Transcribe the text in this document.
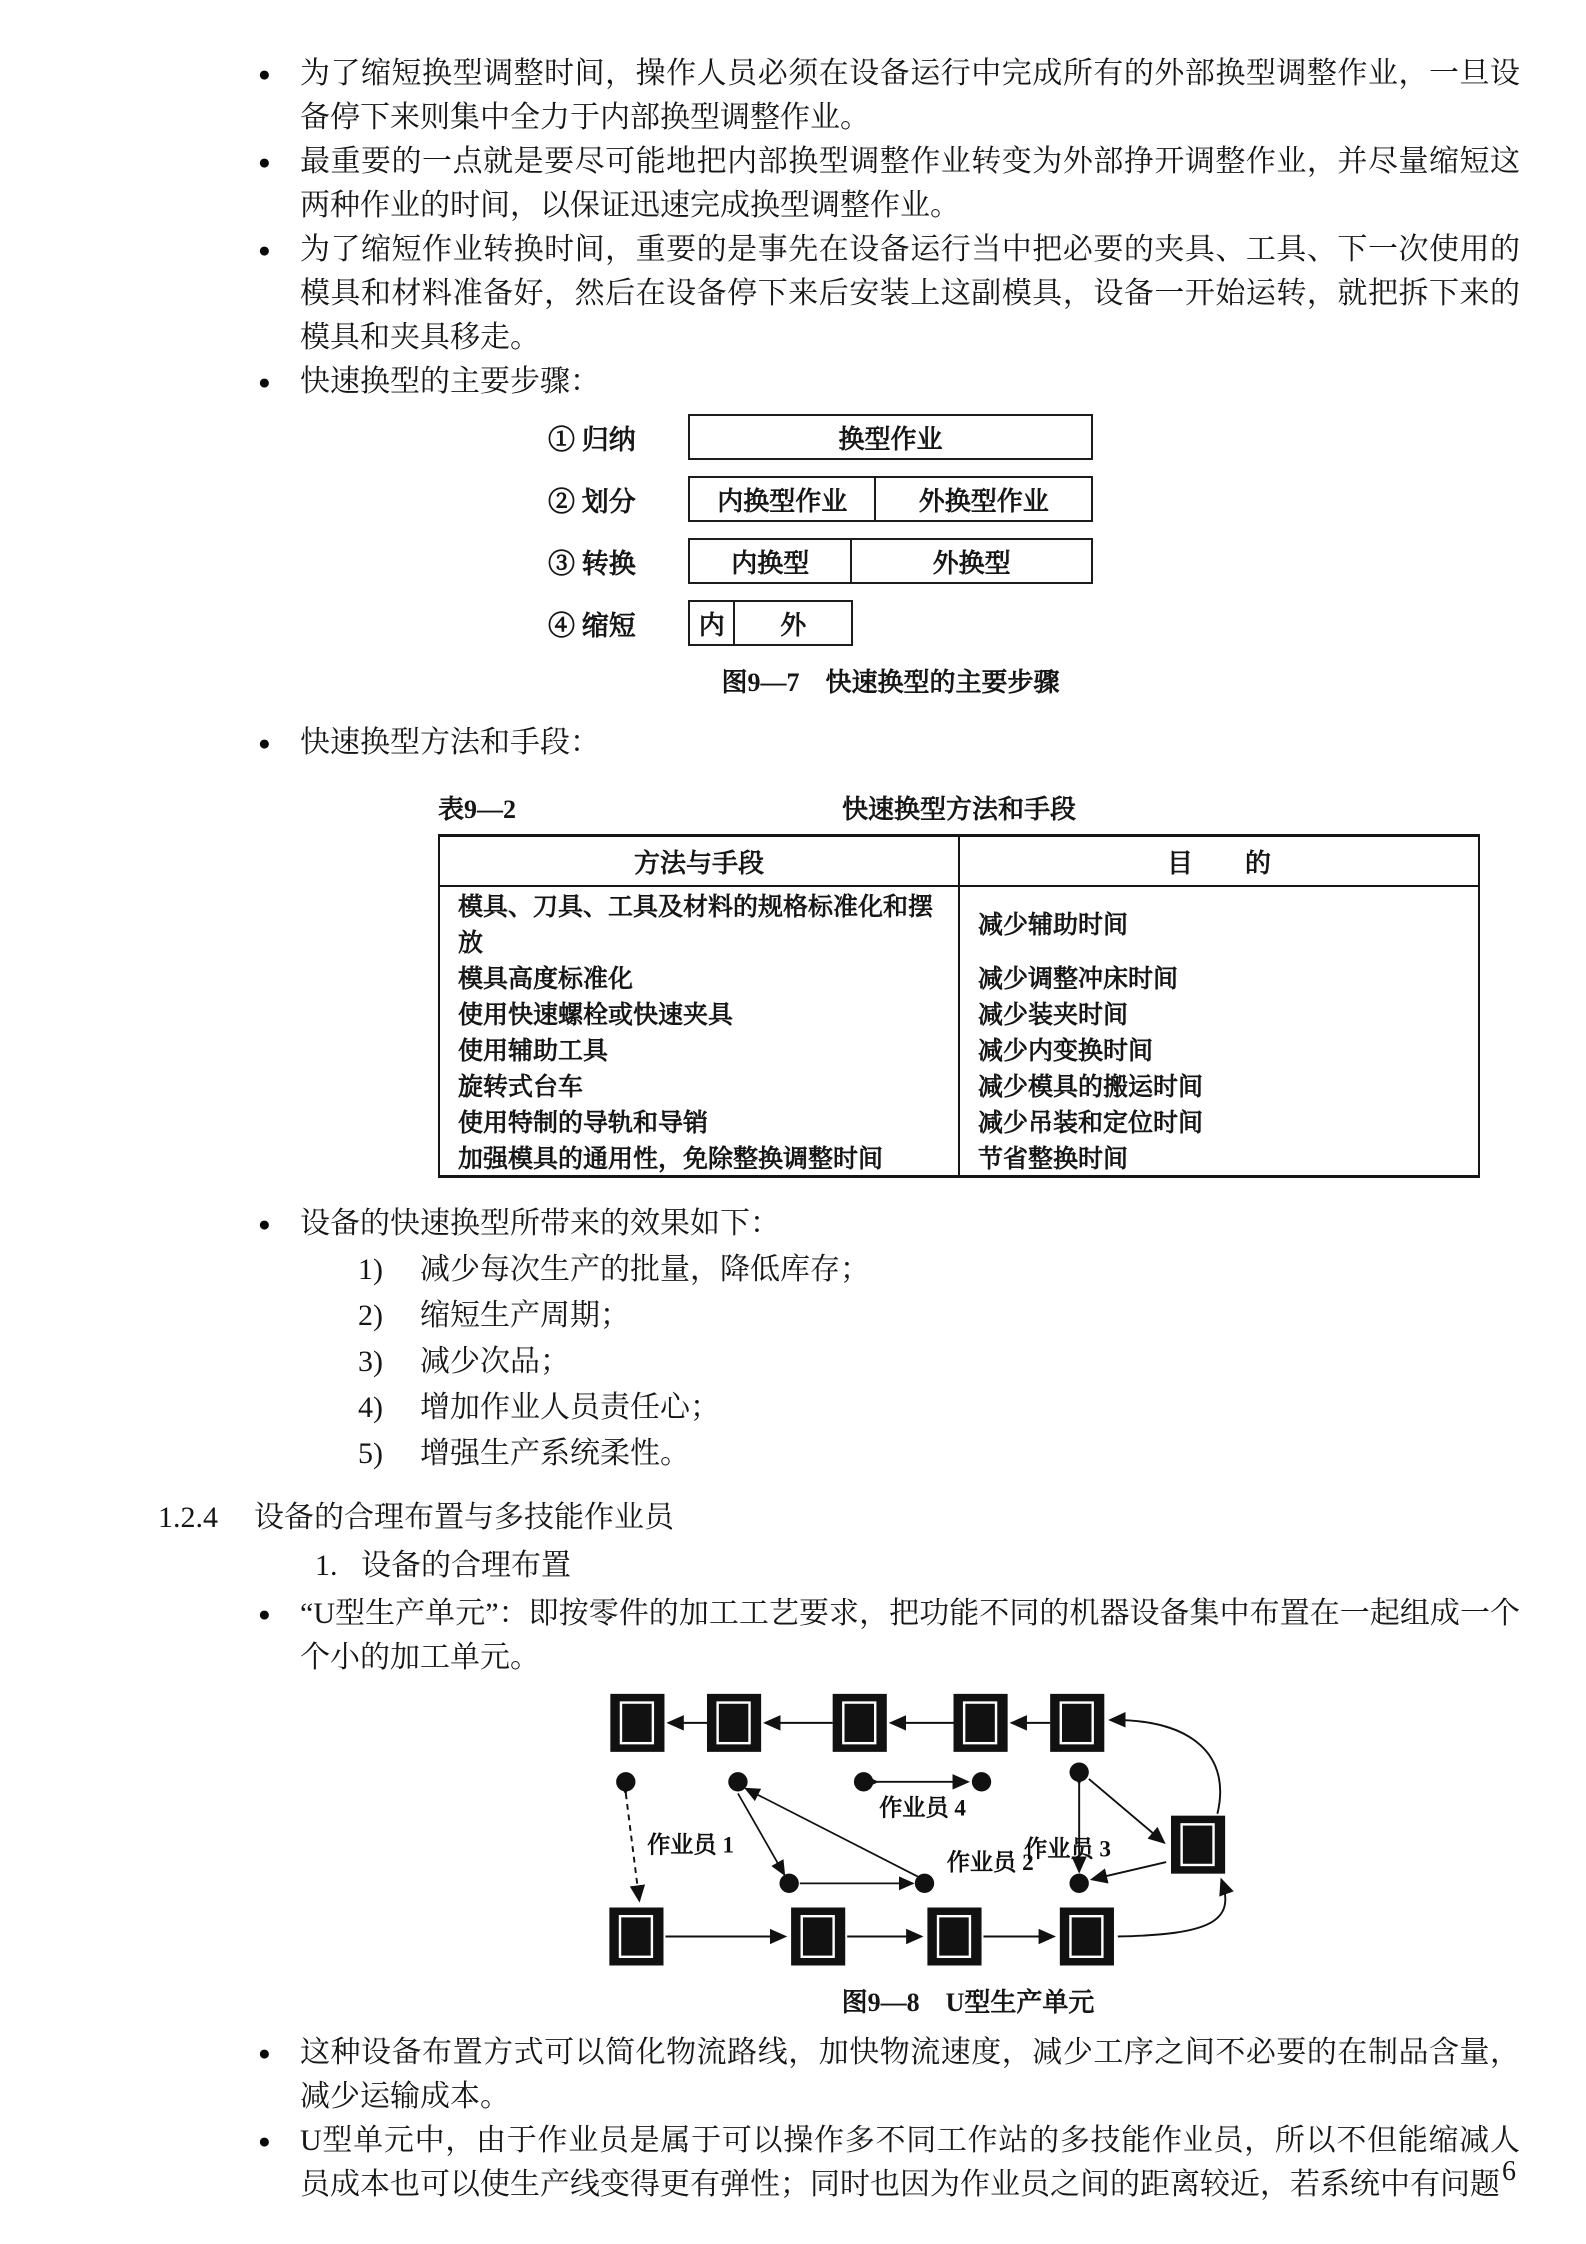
●
为了缩短换型调整时间，操作人员必须在设备运行中完成所有的外部换型调整作业，一旦设备停下来则集中全力于内部换型调整作业。
●
最重要的一点就是要尽可能地把内部换型调整作业转变为外部挣开调整作业，并尽量缩短这两种作业的时间，以保证迅速完成换型调整作业。
●
为了缩短作业转换时间，重要的是事先在设备运行当中把必要的夹具、工具、下一次使用的模具和材料准备好，然后在设备停下来后安装上这副模具，设备一开始运转，就把拆下来的模具和夹具移走。
●
快速换型的主要步骤：
① 归纳	换型作业
② 划分	内换型作业	外换型作业
③ 转换	内换型	外换型
④ 缩短	内	外
图9—7　快速换型的主要步骤
●
快速换型方法和手段：
表9—2	快速换型方法和手段
方法与手段	目　　的
模具、刀具、工具及材料的规格标准化和摆放	减少辅助时间
模具高度标准化	减少调整冲床时间
使用快速螺栓或快速夹具	减少装夹时间
使用辅助工具	减少内变换时间
旋转式台车	减少模具的搬运时间
使用特制的导轨和导销	减少吊装和定位时间
加强模具的通用性，免除整换调整时间	节省整换时间
●
设备的快速换型所带来的效果如下：
1)	减少每次生产的批量，降低库存；
2)	缩短生产周期；
3)	减少次品；
4)	增加作业人员责任心；
5)	增强生产系统柔性。
1.2.4	设备的合理布置与多技能作业员
1. 设备的合理布置
●
“U型生产单元”：即按零件的加工工艺要求，把功能不同的机器设备集中布置在一起组成一个个小的加工单元。
作业员 4
作业员 1
作业员 2
作业员 3
图9—8　U型生产单元
●
这种设备布置方式可以简化物流路线，加快物流速度，减少工序之间不必要的在制品含量，减少运输成本。
●
U型单元中，由于作业员是属于可以操作多不同工作站的多技能作业员，所以不但能缩减人员成本也可以使生产线变得更有弹性；同时也因为作业员之间的距离较近，若系统中有问题 6
